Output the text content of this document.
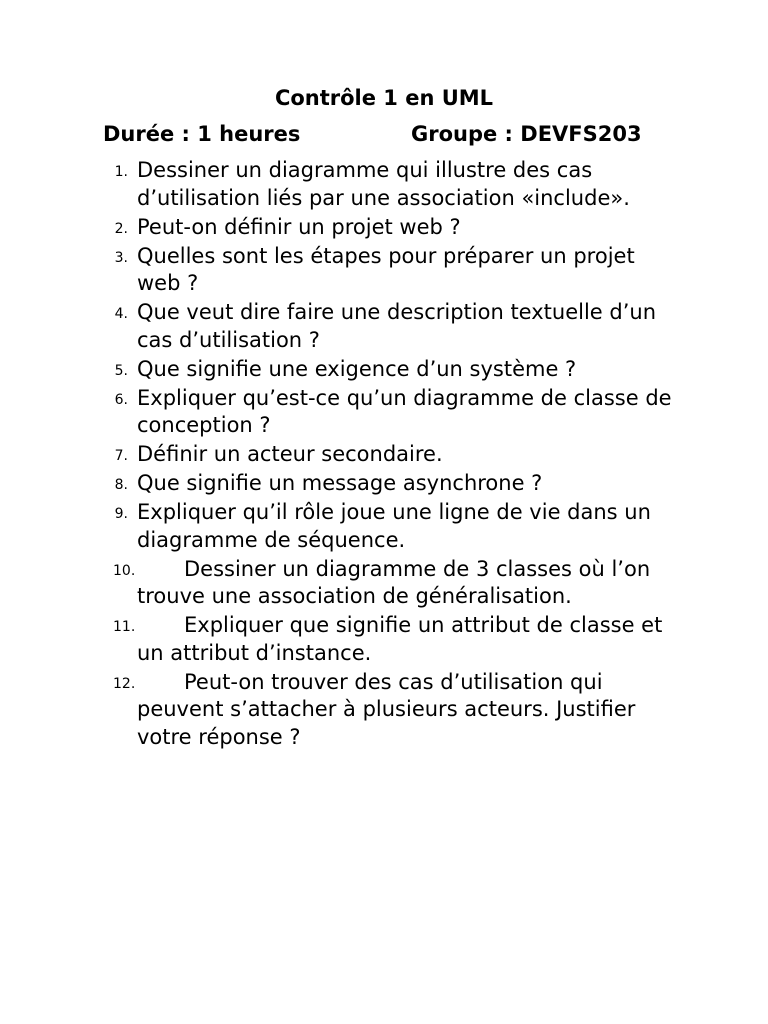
Contrôle 1 en UML
Durée : 1 heures	Groupe : DEVFS203
1. Dessiner un diagramme qui illustre des cas d’utilisation liés par une association «include».
2. Peut-on définir un projet web ?
3. Quelles sont les étapes pour préparer un projet web ?
4. Que veut dire faire une description textuelle d’un cas d’utilisation ?
5. Que signifie une exigence d’un système ?
6. Expliquer qu’est-ce qu’un diagramme de classe de conception ?
7. Définir un acteur secondaire.
8. Que signifie un message asynchrone ?
9. Expliquer qu’il rôle joue une ligne de vie dans un diagramme de séquence.
10. Dessiner un diagramme de 3 classes où l’on trouve une association de généralisation.
11. Expliquer que signifie un attribut de classe et un attribut d’instance.
12. Peut-on trouver des cas d’utilisation qui peuvent s’attacher à plusieurs acteurs. Justifier votre réponse ?
